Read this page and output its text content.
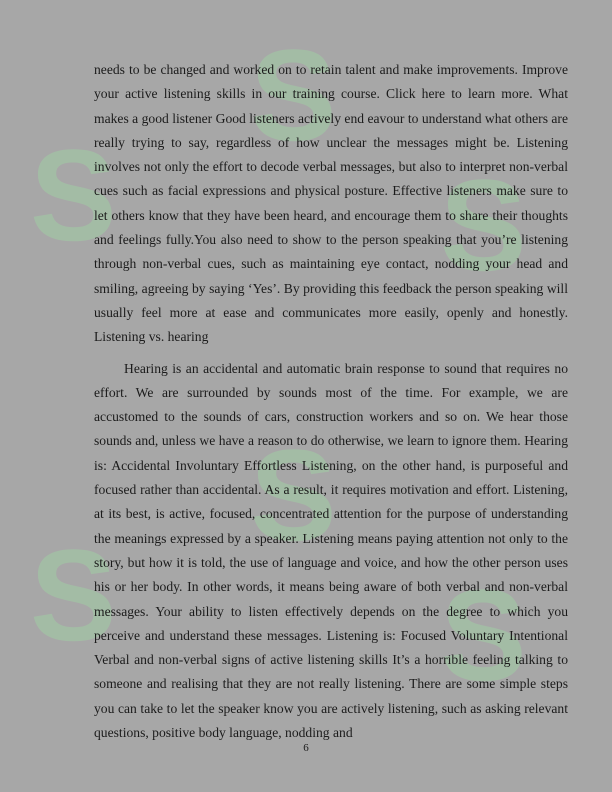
S
S
S
S
S
S

needs to be changed and worked on to retain talent and make improvements. Improve your active listening skills in our training course. Click here to learn more. What makes a good listener Good listeners actively end eavour to understand what others are really trying to say, regardless of how unclear the messages might be. Listening involves not only the effort to decode verbal messages, but also to interpret non-verbal cues such as facial expressions and physical posture. Effective listeners make sure to let others know that they have been heard, and encourage them to share their thoughts and feelings fully.You also need to show to the person speaking that you’re listening through non-verbal cues, such as maintaining eye contact, nodding your head and smiling, agreeing by saying ‘Yes’. By providing this feedback the person speaking will usually feel more at ease and communicates more easily, openly and honestly. Listening vs. hearing

Hearing is an accidental and automatic brain response to sound that requires no effort. We are surrounded by sounds most of the time. For example, we are accustomed to the sounds of cars, construction workers and so on. We hear those sounds and, unless we have a reason to do otherwise, we learn to ignore them. Hearing is: Accidental Involuntary Effortless Listening, on the other hand, is purposeful and focused rather than accidental. As a result, it requires motivation and effort. Listening, at its best, is active, focused, concentrated attention for the purpose of understanding the meanings expressed by a speaker. Listening means paying attention not only to the story, but how it is told, the use of language and voice, and how the other person uses his or her body. In other words, it means being aware of both verbal and non-verbal messages. Your ability to listen effectively depends on the degree to which you perceive and understand these messages. Listening is: Focused Voluntary Intentional Verbal and non-verbal signs of active listening skills It’s a horrible feeling talking to someone and realising that they are not really listening. There are some simple steps you can take to let the speaker know you are actively listening, such as asking relevant questions, positive body language, nodding and

6
